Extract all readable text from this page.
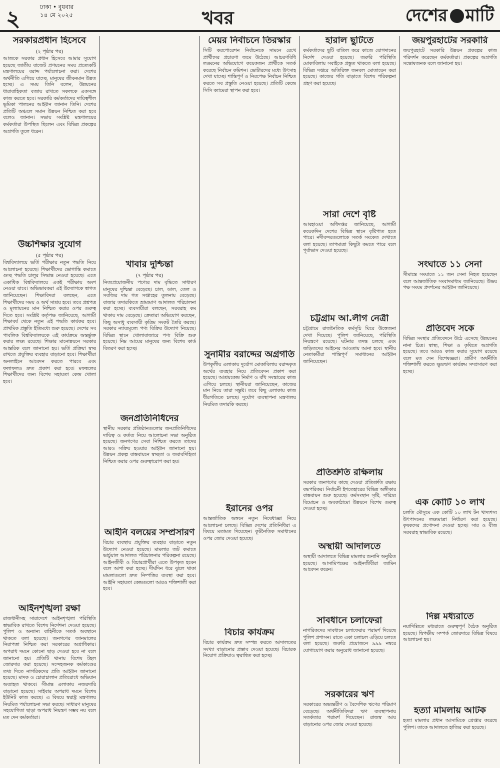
২	ঢাকা • বুধবার
১৪ মে ২০২৫	খবর	দেশের মাটি
সরকারপ্রধান হিসেবে
(২ পৃষ্ঠার পর)
আজকে সরকার প্রধান হিসেবে আমার সুযোগ হয়েছে জাতীয় বাজেট প্রণয়নের সময় প্রত্যেকটি মন্ত্রণালয়ের বরাদ্দ পর্যালোচনা করা। দেশের অর্থনীতি এগিয়ে যাচ্ছে, মানুষের জীবনমান উন্নত হচ্ছে। এ সময় তিনি বলেন, উন্নয়নের ধারাবাহিকতা বজায় রাখতে সকলকে একসঙ্গে কাজ করতে হবে। সরকারি কর্মকর্তাদের দায়িত্বশীল ভূমিকা পালনের আহ্বান জানান তিনি। দেশের প্রতিটি অঞ্চলে সমান উন্নয়ন নিশ্চিত করা হবে বলেও জানান। সভায় সংশ্লিষ্ট মন্ত্রণালয়ের কর্মকর্তারা উপস্থিত ছিলেন এবং বিভিন্ন প্রকল্পের অগ্রগতি তুলে ধরেন।
উচ্চশিক্ষার সুযোগ
(৫ পৃষ্ঠার পর)
বিশ্ববিদ্যালয়ে ভর্তি পরীক্ষার নতুন পদ্ধতি নিয়ে আলোচনা হয়েছে। শিক্ষার্থীদের ভোগান্তি কমাতে গুচ্ছ পদ্ধতি চালুর সিদ্ধান্ত নেওয়া হয়েছে। এতে একাধিক বিশ্ববিদ্যালয়ে একই পরীক্ষায় অংশ নেওয়া যাবে। অভিভাবকরা এই উদ্যোগকে স্বাগত জানিয়েছেন। শিক্ষাবিদরা বলছেন, এতে শিক্ষার্থীদের সময় ও অর্থ সাশ্রয় হবে। তবে প্রশ্নপত্র ও মূল্যায়নের মান নিশ্চিত করার ওপর গুরুত্ব দিতে হবে। সংশ্লিষ্ট কর্তৃপক্ষ জানিয়েছে, আগামী শিক্ষাবর্ষ থেকে নতুন এই পদ্ধতি কার্যকর হবে। প্রাথমিক প্রস্তুতি ইতিমধ্যে শুরু হয়েছে। দেশের সব পাবলিক বিশ্ববিদ্যালয়কে এই কার্যক্রমে অন্তর্ভুক্ত করার লক্ষ্য রয়েছে। শিক্ষার মানোন্নয়নে সরকার আন্তরিক বলে জানানো হয়। ভর্তি প্রক্রিয়া স্বচ্ছ রাখতে প্রযুক্তির ব্যবহার বাড়ানো হবে। শিক্ষার্থীরা অনলাইনে আবেদন করতে পারবে এবং ফলাফলও দ্রুত প্রকাশ করা হবে। মফস্বলের শিক্ষার্থীদের জন্য বিশেষ সহায়তা কেন্দ্র খোলা হবে।
আইনশৃঙ্খলা রক্ষা
রাজধানীসহ সারাদেশে আইনশৃঙ্খলা পরিস্থিতি স্বাভাবিক রাখতে বিশেষ নির্দেশনা দেওয়া হয়েছে। পুলিশ ও অন্যান্য বাহিনীকে সতর্ক অবস্থানে থাকতে বলা হয়েছে। জনগণের জানমালের নিরাপত্তা নিশ্চিত করা সরকারের অগ্রাধিকার। অপরাধ দমনে কোনো ছাড় দেওয়া হবে না বলে জানানো হয়। প্রতিটি থানায় বিশেষ টহল জোরদার করা হয়েছে। সন্দেহজনক কর্মকাণ্ডের তথ্য দিতে নাগরিকদের প্রতি আহ্বান জানানো হয়েছে। মাদক ও চোরাচালান প্রতিরোধে অভিযান অব্যাহত থাকবে। সীমান্ত এলাকায় নজরদারি বাড়ানো হয়েছে। সাইবার অপরাধ দমনে বিশেষ ইউনিট কাজ করছে। এ বিষয়ে স্বরাষ্ট্র মন্ত্রণালয় নিয়মিত পর্যালোচনা সভা করছে। সাধারণ মানুষের সহযোগিতা ছাড়া অপরাধ নিয়ন্ত্রণ সম্ভব নয় বলে মত দেন কর্মকর্তারা।
খাবার দুশ্চিন্তা
(৭ পৃষ্ঠার পর)
নিত্যপ্রয়োজনীয় পণ্যের দাম বৃদ্ধিতে সাধারণ মানুষের দুশ্চিন্তা বেড়েছে। চাল, ডাল, তেল ও সবজির দাম গত সপ্তাহের তুলনায় বেড়েছে। বাজার তদারকিতে ভ্রাম্যমাণ আদালত পরিচালনা করা হচ্ছে। ব্যবসায়ীরা বলছেন, সরবরাহ কম থাকায় দাম বেড়েছে। ক্রেতারা অভিযোগ করছেন, কিছু অসাধু ব্যবসায়ী কৃত্রিম সংকট তৈরি করছে। সরকার ন্যায্যমূল্যে পণ্য বিক্রির উদ্যোগ নিয়েছে। বিভিন্ন স্থানে খোলাবাজারে পণ্য বিক্রি শুরু হয়েছে। নিম্ন আয়ের মানুষের জন্য বিশেষ কার্ড বিতরণ করা হচ্ছে।
জনপ্রতিনিধিদের
স্থানীয় সরকার প্রতিষ্ঠানগুলোর জনপ্রতিনিধিদের দায়িত্ব ও কর্তব্য নিয়ে আলোচনা সভা অনুষ্ঠিত হয়েছে। জনগণের সেবা নিশ্চিত করতে তাদের আরও সক্রিয় হওয়ার আহ্বান জানানো হয়। উন্নয়ন প্রকল্প বাস্তবায়নে স্বচ্ছতা ও জবাবদিহিতা নিশ্চিত করার ওপর গুরুত্বারোপ করা হয়।
আইনি বলয়ের সম্প্রসারণ
বিচার ব্যবস্থায় প্রযুক্তির ব্যবহার বাড়াতে নতুন উদ্যোগ নেওয়া হয়েছে। মামলার জট কমাতে ভার্চুয়াল আদালত পরিচালনার পরিকল্পনা রয়েছে। আইনজীবী ও বিচারপ্রার্থীরা এতে উপকৃত হবেন বলে আশা করা হচ্ছে। দীর্ঘদিন ধরে ঝুলে থাকা মামলাগুলো দ্রুত নিষ্পত্তির ব্যবস্থা করা হবে। আইনি সহায়তা কেন্দ্রগুলো আরও শক্তিশালী করা হবে।
মেয়র নির্বাচনে তিরস্কার
সিটি করপোরেশন নির্বাচনকে সামনে রেখে প্রার্থীদের প্রচারণা জমে উঠেছে। আচরণবিধি লঙ্ঘনের অভিযোগে কয়েকজন প্রার্থীকে সতর্ক করেছে নির্বাচন কমিশন। ভোটারদের মধ্যে উৎসাহ দেখা যাচ্ছে। শান্তিপূর্ণ ও নিরপেক্ষ নির্বাচন নিশ্চিত করতে সব প্রস্তুতি নেওয়া হয়েছে। প্রতিটি কেন্দ্রে সিসি ক্যামেরা স্থাপন করা হবে।
সুনামীর বরাদ্দের অগ্রগতি
উপকূলীয় এলাকায় দুর্যোগ মোকাবিলায় বরাদ্দকৃত অর্থের ব্যবহার নিয়ে প্রতিবেদন প্রকাশ করা হয়েছে। আশ্রয়কেন্দ্র নির্মাণ ও বাঁধ সংস্কারের কাজ এগিয়ে চলছে। স্থানীয়রা জানিয়েছেন, কাজের মান নিয়ে তারা সন্তুষ্ট। তবে কিছু এলাকায় কাজ ধীরগতিতে চলছে। দুর্যোগ ব্যবস্থাপনা মন্ত্রণালয় নিয়মিত তদারকি করছে।
ইরানের ওপর
আন্তর্জাতিক অঙ্গনে নতুন নিষেধাজ্ঞা নিয়ে আলোচনা চলছে। বিভিন্ন দেশের প্রতিনিধিরা এ বিষয়ে মতামত দিয়েছেন। কূটনৈতিক সমাধানের ওপর জোর দেওয়া হয়েছে।
বিচার কার্যক্রম
বিচার কার্যক্রম দ্রুত সম্পন্ন করতে আদালতের সংখ্যা বাড়ানোর প্রস্তাব দেওয়া হয়েছে। বিচারক নিয়োগ প্রক্রিয়াও ত্বরান্বিত করা হচ্ছে।
হারাল ছুটিতে
কর্মকর্তাদের ছুটি বাতিল করে কাজে যোগদানের নির্দেশ দেওয়া হয়েছে। জরুরি পরিস্থিতি মোকাবিলায় সবাইকে প্রস্তুত থাকতে বলা হয়েছে। বিভিন্ন দপ্তরে অতিরিক্ত জনবল মোতায়েন করা হয়েছে। কাজের গতি বাড়াতে বিশেষ পরিকল্পনা গ্রহণ করা হয়েছে।
সারা দেশে বৃষ্টি
আবহাওয়া অধিদপ্তর জানিয়েছে, আগামী কয়েকদিন দেশের বিভিন্ন স্থানে বৃষ্টিপাত হতে পারে। নদীবন্দরগুলোকে সতর্ক সংকেত দেখাতে বলা হয়েছে। তাপমাত্রা কিছুটা কমতে পারে বলে পূর্বাভাস দেওয়া হয়েছে।
চট্টগ্রাম আ.লীগ নেত্রী
চট্টগ্রামে রাজনৈতিক কর্মসূচি ঘিরে উত্তেজনা দেখা দিয়েছে। পুলিশ জানিয়েছে, পরিস্থিতি নিয়ন্ত্রণে রয়েছে। ঘটনার তদন্ত চলছে এবং জড়িতদের আইনের আওতায় আনা হবে। স্থানীয় নেতাকর্মীরা শান্তিপূর্ণ সমাধানের আহ্বান জানিয়েছেন।
প্রতিশ্রুতি রক্ষিলায়
সরকার জনগণের কাছে দেওয়া প্রতিশ্রুতি রক্ষায় বদ্ধপরিকর। নির্বাচনী ইশতেহারের বিভিন্ন অঙ্গীকার বাস্তবায়ন শুরু হয়েছে। কর্মসংস্থান সৃষ্টি, দারিদ্র্য বিমোচন ও অবকাঠামো উন্নয়নে বিশেষ গুরুত্ব দেওয়া হচ্ছে।
অস্থায়ী আদালতে
অস্থায়ী আদালতে বিভিন্ন মামলার শুনানি অনুষ্ঠিত হয়েছে। আসামিপক্ষের আইনজীবীরা জামিন আবেদন করেন।
সাবধানে চলাফেরা
নাগরিকদের সাবধানে চলাফেরার পরামর্শ দিয়েছে পুলিশ প্রশাসন। রাতে একা চলাচল এড়িয়ে চলতে বলা হয়েছে। জরুরি প্রয়োজনে ৯৯৯ নম্বরে যোগাযোগ করার অনুরোধ জানানো হয়েছে।
সরকারের ঋণ
সরকারের অভ্যন্তরীণ ও বৈদেশিক ঋণের পরিমাণ বেড়েছে। অর্থনীতিবিদরা ঋণ ব্যবস্থাপনায় সতর্কতার পরামর্শ দিয়েছেন। রাজস্ব আয় বাড়ানোর ওপর জোর দেওয়া হয়েছে।
জয়পুরহাটের সরকারি
জয়পুরহাটে সরকারি উন্নয়ন প্রকল্পের কাজ পরিদর্শন করেছেন কর্মকর্তারা। প্রকল্পের অগ্রগতি সন্তোষজনক বলে জানানো হয়।
সংঘাতে ১১ সেনা
সীমান্তে সংঘাতে ১১ জন সেনা নিহত হয়েছেন বলে আন্তর্জাতিক সংবাদমাধ্যম জানিয়েছে। উভয় পক্ষ সংযম প্রদর্শনের আহ্বান জানিয়েছে।
প্রতিবেদ সকে
বিভিন্ন সংস্থার প্রতিবেদনে উঠে এসেছে উন্নয়নের নানা চিত্র। স্বাস্থ্য, শিক্ষা ও কৃষিতে অগ্রগতি হয়েছে। তবে আরও কাজ করার সুযোগ রয়েছে বলে মত দেন বিশেষজ্ঞরা। গ্রামীণ অর্থনীতি শক্তিশালী করতে ক্ষুদ্রঋণ কার্যক্রম সম্প্রসারণ করা হচ্ছে।
এক কোটি ১০ লাখ
চলতি মৌসুমে এক কোটি ১০ লাখ টন খাদ্যশস্য উৎপাদনের লক্ষ্যমাত্রা নির্ধারণ করা হয়েছে। কৃষকদের প্রণোদনা দেওয়া হচ্ছে। সার ও বীজ সরবরাহ স্বাভাবিক রয়েছে।
দিল্ল মধ্যরাতে
নয়াদিল্লিতে মধ্যরাতে গুরুত্বপূর্ণ বৈঠক অনুষ্ঠিত হয়েছে। দ্বিপক্ষীয় সম্পর্ক জোরদারে বিভিন্ন বিষয়ে আলোচনা হয়।
হত্যা মামলায় আটক
হত্যা মামলার প্রধান আসামিকে গ্রেপ্তার করেছে পুলিশ। তাকে আদালতে হাজির করা হয়েছে।
